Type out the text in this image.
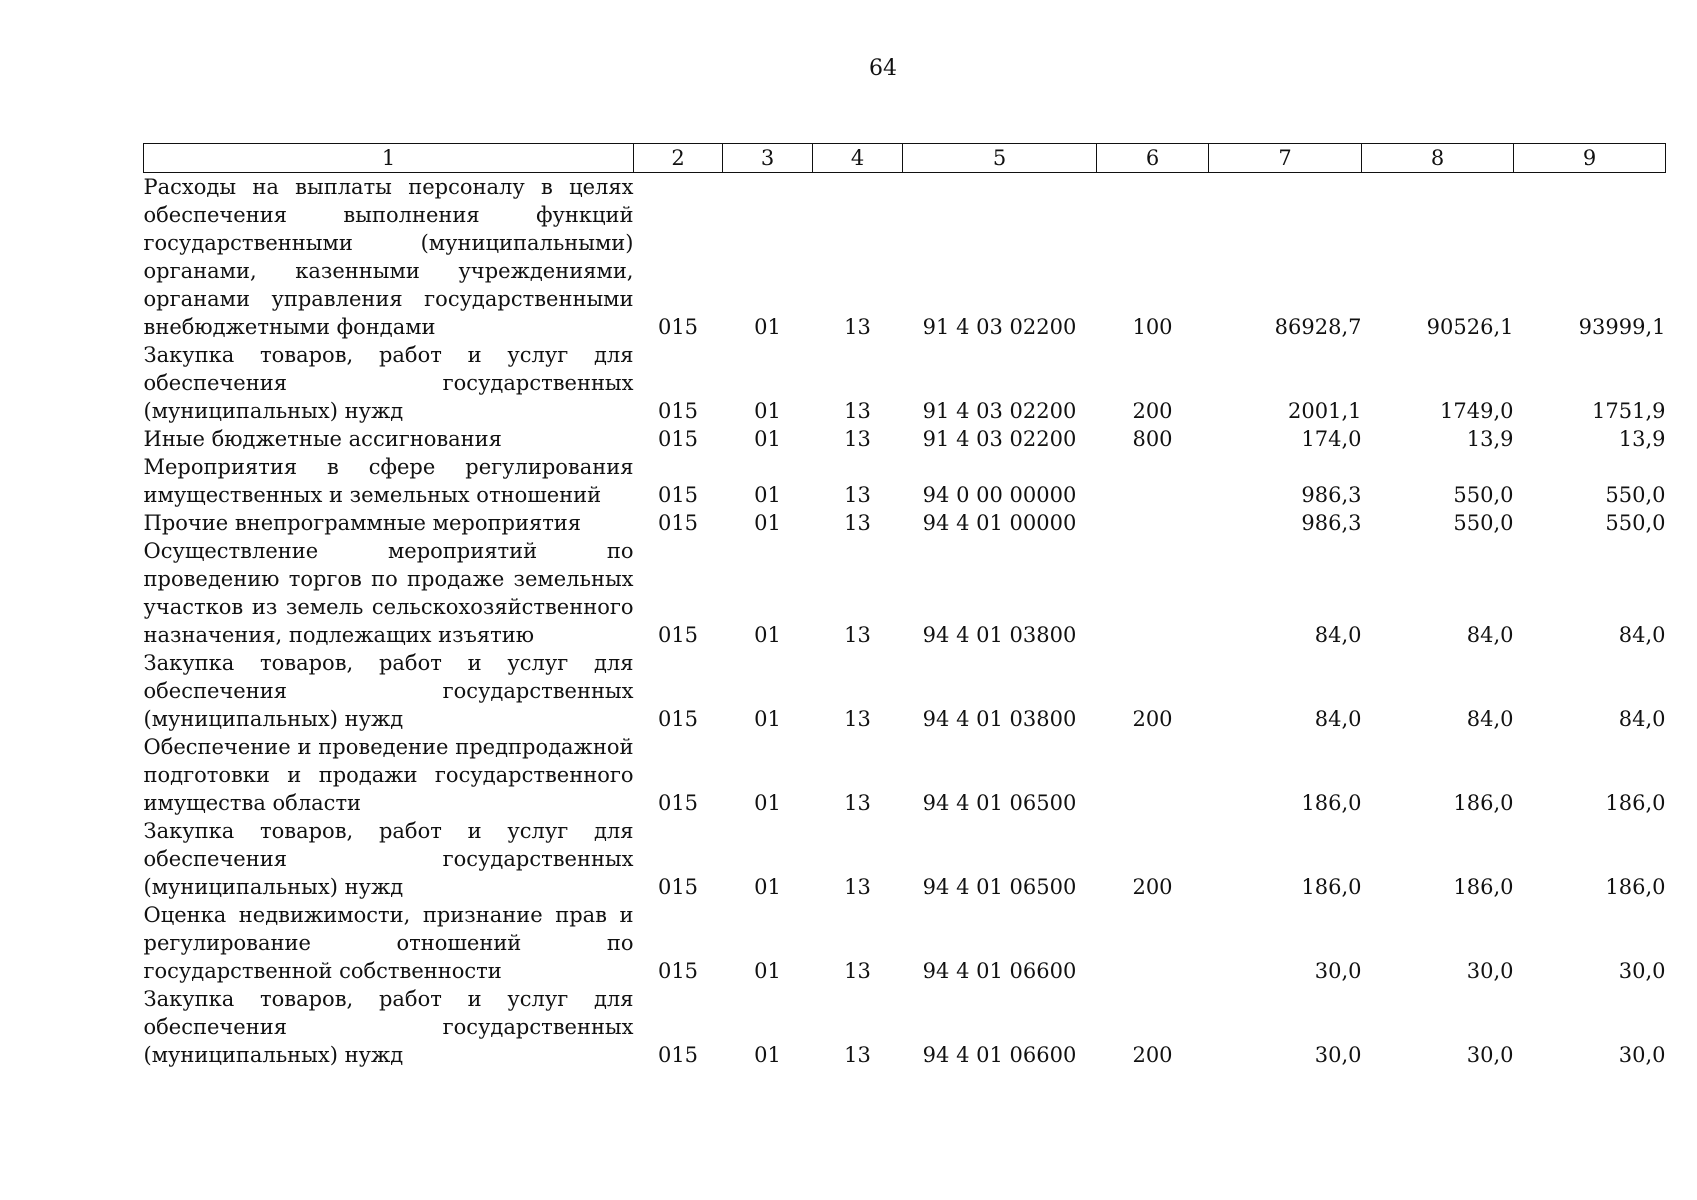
64
1	2	3	4	5	6	7	8	9
Расходы на выплаты персоналу в целях обеспечения выполнения функций государственными (муниципальными) органами, казенными учреждениями, органами управления государственными внебюджетными фондами	015	01	13	91 4 03 02200	100	86928,7	90526,1	93999,1
Закупка товаров, работ и услуг для обеспечения государственных (муниципальных) нужд	015	01	13	91 4 03 02200	200	2001,1	1749,0	1751,9
Иные бюджетные ассигнования	015	01	13	91 4 03 02200	800	174,0	13,9	13,9
Мероприятия в сфере регулирования имущественных и земельных отношений	015	01	13	94 0 00 00000		986,3	550,0	550,0
Прочие внепрограммные мероприятия	015	01	13	94 4 01 00000		986,3	550,0	550,0
Осуществление мероприятий по проведению торгов по продаже земельных участков из земель сельскохозяйственного назначения, подлежащих изъятию	015	01	13	94 4 01 03800		84,0	84,0	84,0
Закупка товаров, работ и услуг для обеспечения государственных (муниципальных) нужд	015	01	13	94 4 01 03800	200	84,0	84,0	84,0
Обеспечение и проведение предпродажной подготовки и продажи государственного имущества области	015	01	13	94 4 01 06500		186,0	186,0	186,0
Закупка товаров, работ и услуг для обеспечения государственных (муниципальных) нужд	015	01	13	94 4 01 06500	200	186,0	186,0	186,0
Оценка недвижимости, признание прав и регулирование отношений по государственной собственности	015	01	13	94 4 01 06600		30,0	30,0	30,0
Закупка товаров, работ и услуг для обеспечения государственных (муниципальных) нужд	015	01	13	94 4 01 06600	200	30,0	30,0	30,0
